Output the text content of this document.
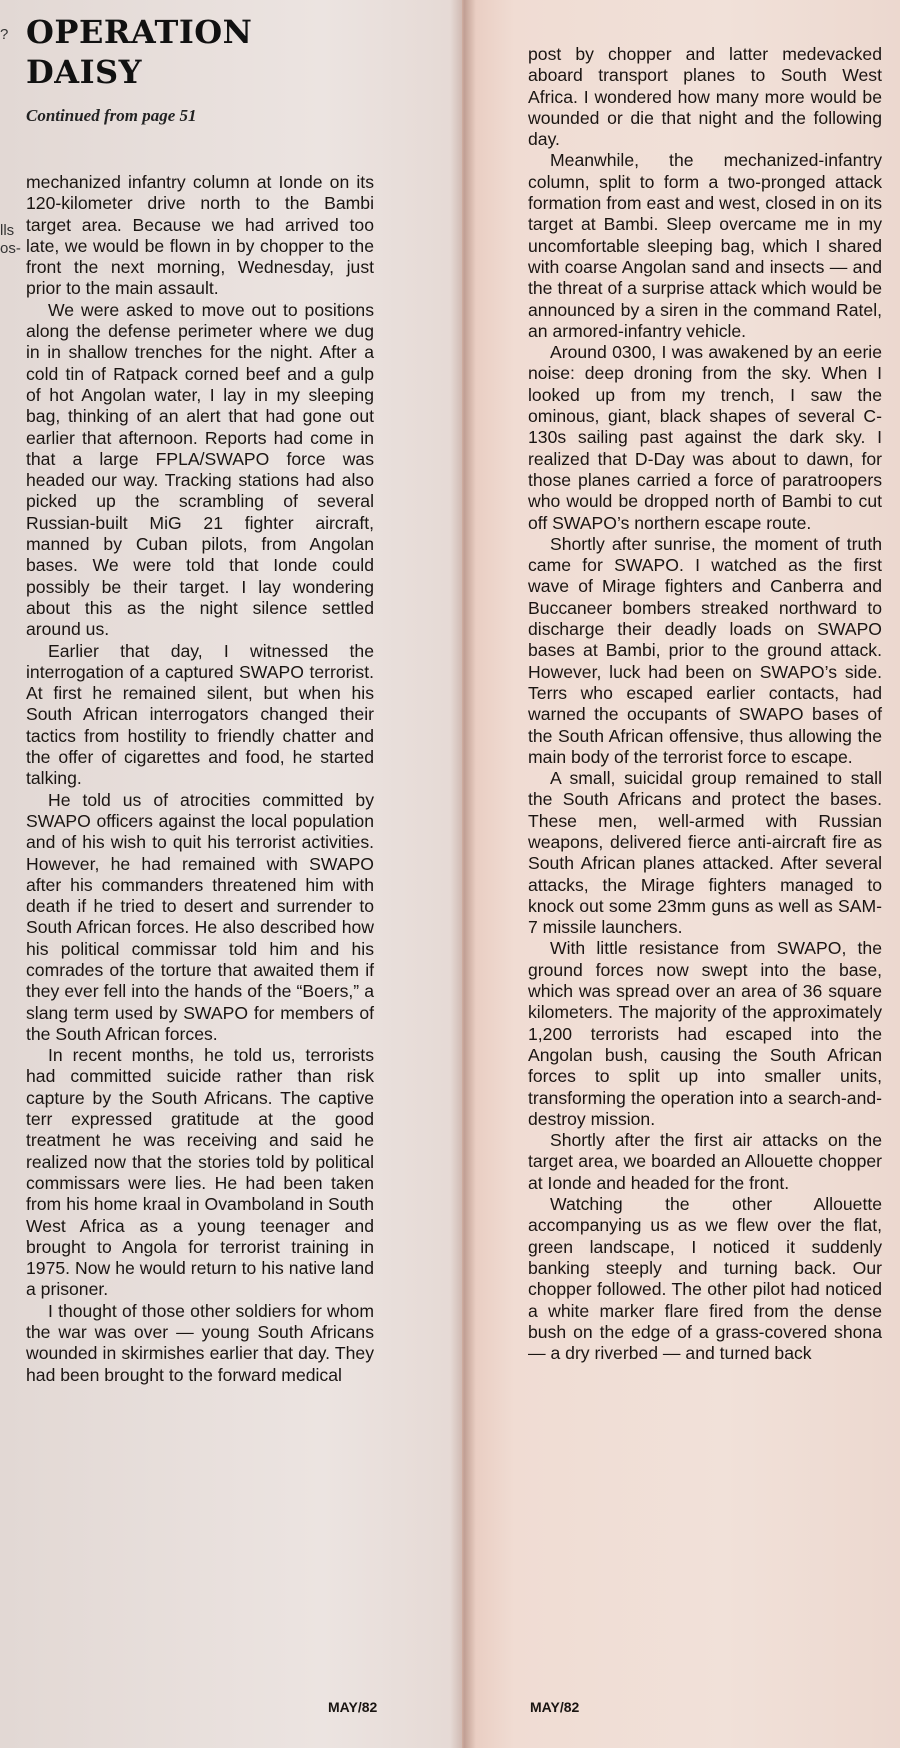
?
lls
os-
OPERATION
DAISY
Continued from page 51

mechanized infantry column at Ionde on its 120-kilometer drive north to the Bambi target area. Because we had arrived too late, we would be flown in by chopper to the front the next morning, Wednesday, just prior to the main assault.

We were asked to move out to positions along the defense perimeter where we dug in in shallow trenches for the night. After a cold tin of Ratpack corned beef and a gulp of hot Angolan water, I lay in my sleeping bag, thinking of an alert that had gone out earlier that afternoon. Reports had come in that a large FPLA/SWAPO force was headed our way. Tracking stations had also picked up the scrambling of several Russian-built MiG 21 fighter aircraft, manned by Cuban pilots, from Angolan bases. We were told that Ionde could possibly be their target. I lay wondering about this as the night silence settled around us.

Earlier that day, I witnessed the interrogation of a captured SWAPO terrorist. At first he remained silent, but when his South African interrogators changed their tactics from hostility to friendly chatter and the offer of cigarettes and food, he started talking.

He told us of atrocities committed by SWAPO officers against the local population and of his wish to quit his terrorist activities. However, he had remained with SWAPO after his commanders threatened him with death if he tried to desert and surrender to South African forces. He also described how his political commissar told him and his comrades of the torture that awaited them if they ever fell into the hands of the “Boers,” a slang term used by SWAPO for members of the South African forces.

In recent months, he told us, terrorists had committed suicide rather than risk capture by the South Africans. The captive terr expressed gratitude at the good treatment he was receiving and said he realized now that the stories told by political commissars were lies. He had been taken from his home kraal in Ovamboland in South West Africa as a young teenager and brought to Angola for terrorist training in 1975. Now he would return to his native land a prisoner.

I thought of those other soldiers for whom the war was over — young South Africans wounded in skirmishes earlier that day. They had been brought to the forward medical

MAY/82

post by chopper and latter medevacked aboard transport planes to South West Africa. I wondered how many more would be wounded or die that night and the following day.

Meanwhile, the mechanized-infantry column, split to form a two-pronged attack formation from east and west, closed in on its target at Bambi. Sleep overcame me in my uncomfortable sleeping bag, which I shared with coarse Angolan sand and insects — and the threat of a surprise attack which would be announced by a siren in the command Ratel, an armored-infantry vehicle.

Around 0300, I was awakened by an eerie noise: deep droning from the sky. When I looked up from my trench, I saw the ominous, giant, black shapes of several C-130s sailing past against the dark sky. I realized that D-Day was about to dawn, for those planes carried a force of paratroopers who would be dropped north of Bambi to cut off SWAPO’s northern escape route.

Shortly after sunrise, the moment of truth came for SWAPO. I watched as the first wave of Mirage fighters and Canberra and Buccaneer bombers streaked northward to discharge their deadly loads on SWAPO bases at Bambi, prior to the ground attack. However, luck had been on SWAPO’s side. Terrs who escaped earlier contacts, had warned the occupants of SWAPO bases of the South African offensive, thus allowing the main body of the terrorist force to escape.

A small, suicidal group remained to stall the South Africans and protect the bases. These men, well-armed with Russian weapons, delivered fierce anti-aircraft fire as South African planes attacked. After several attacks, the Mirage fighters managed to knock out some 23mm guns as well as SAM-7 missile launchers.

With little resistance from SWAPO, the ground forces now swept into the base, which was spread over an area of 36 square kilometers. The majority of the approximately 1,200 terrorists had escaped into the Angolan bush, causing the South African forces to split up into smaller units, transforming the operation into a search-and-destroy mission.

Shortly after the first air attacks on the target area, we boarded an Allouette chopper at Ionde and headed for the front.

Watching the other Allouette accompanying us as we flew over the flat, green landscape, I noticed it suddenly banking steeply and turning back. Our chopper followed. The other pilot had noticed a white marker flare fired from the dense bush on the edge of a grass-covered shona — a dry riverbed — and turned back

MAY/82
